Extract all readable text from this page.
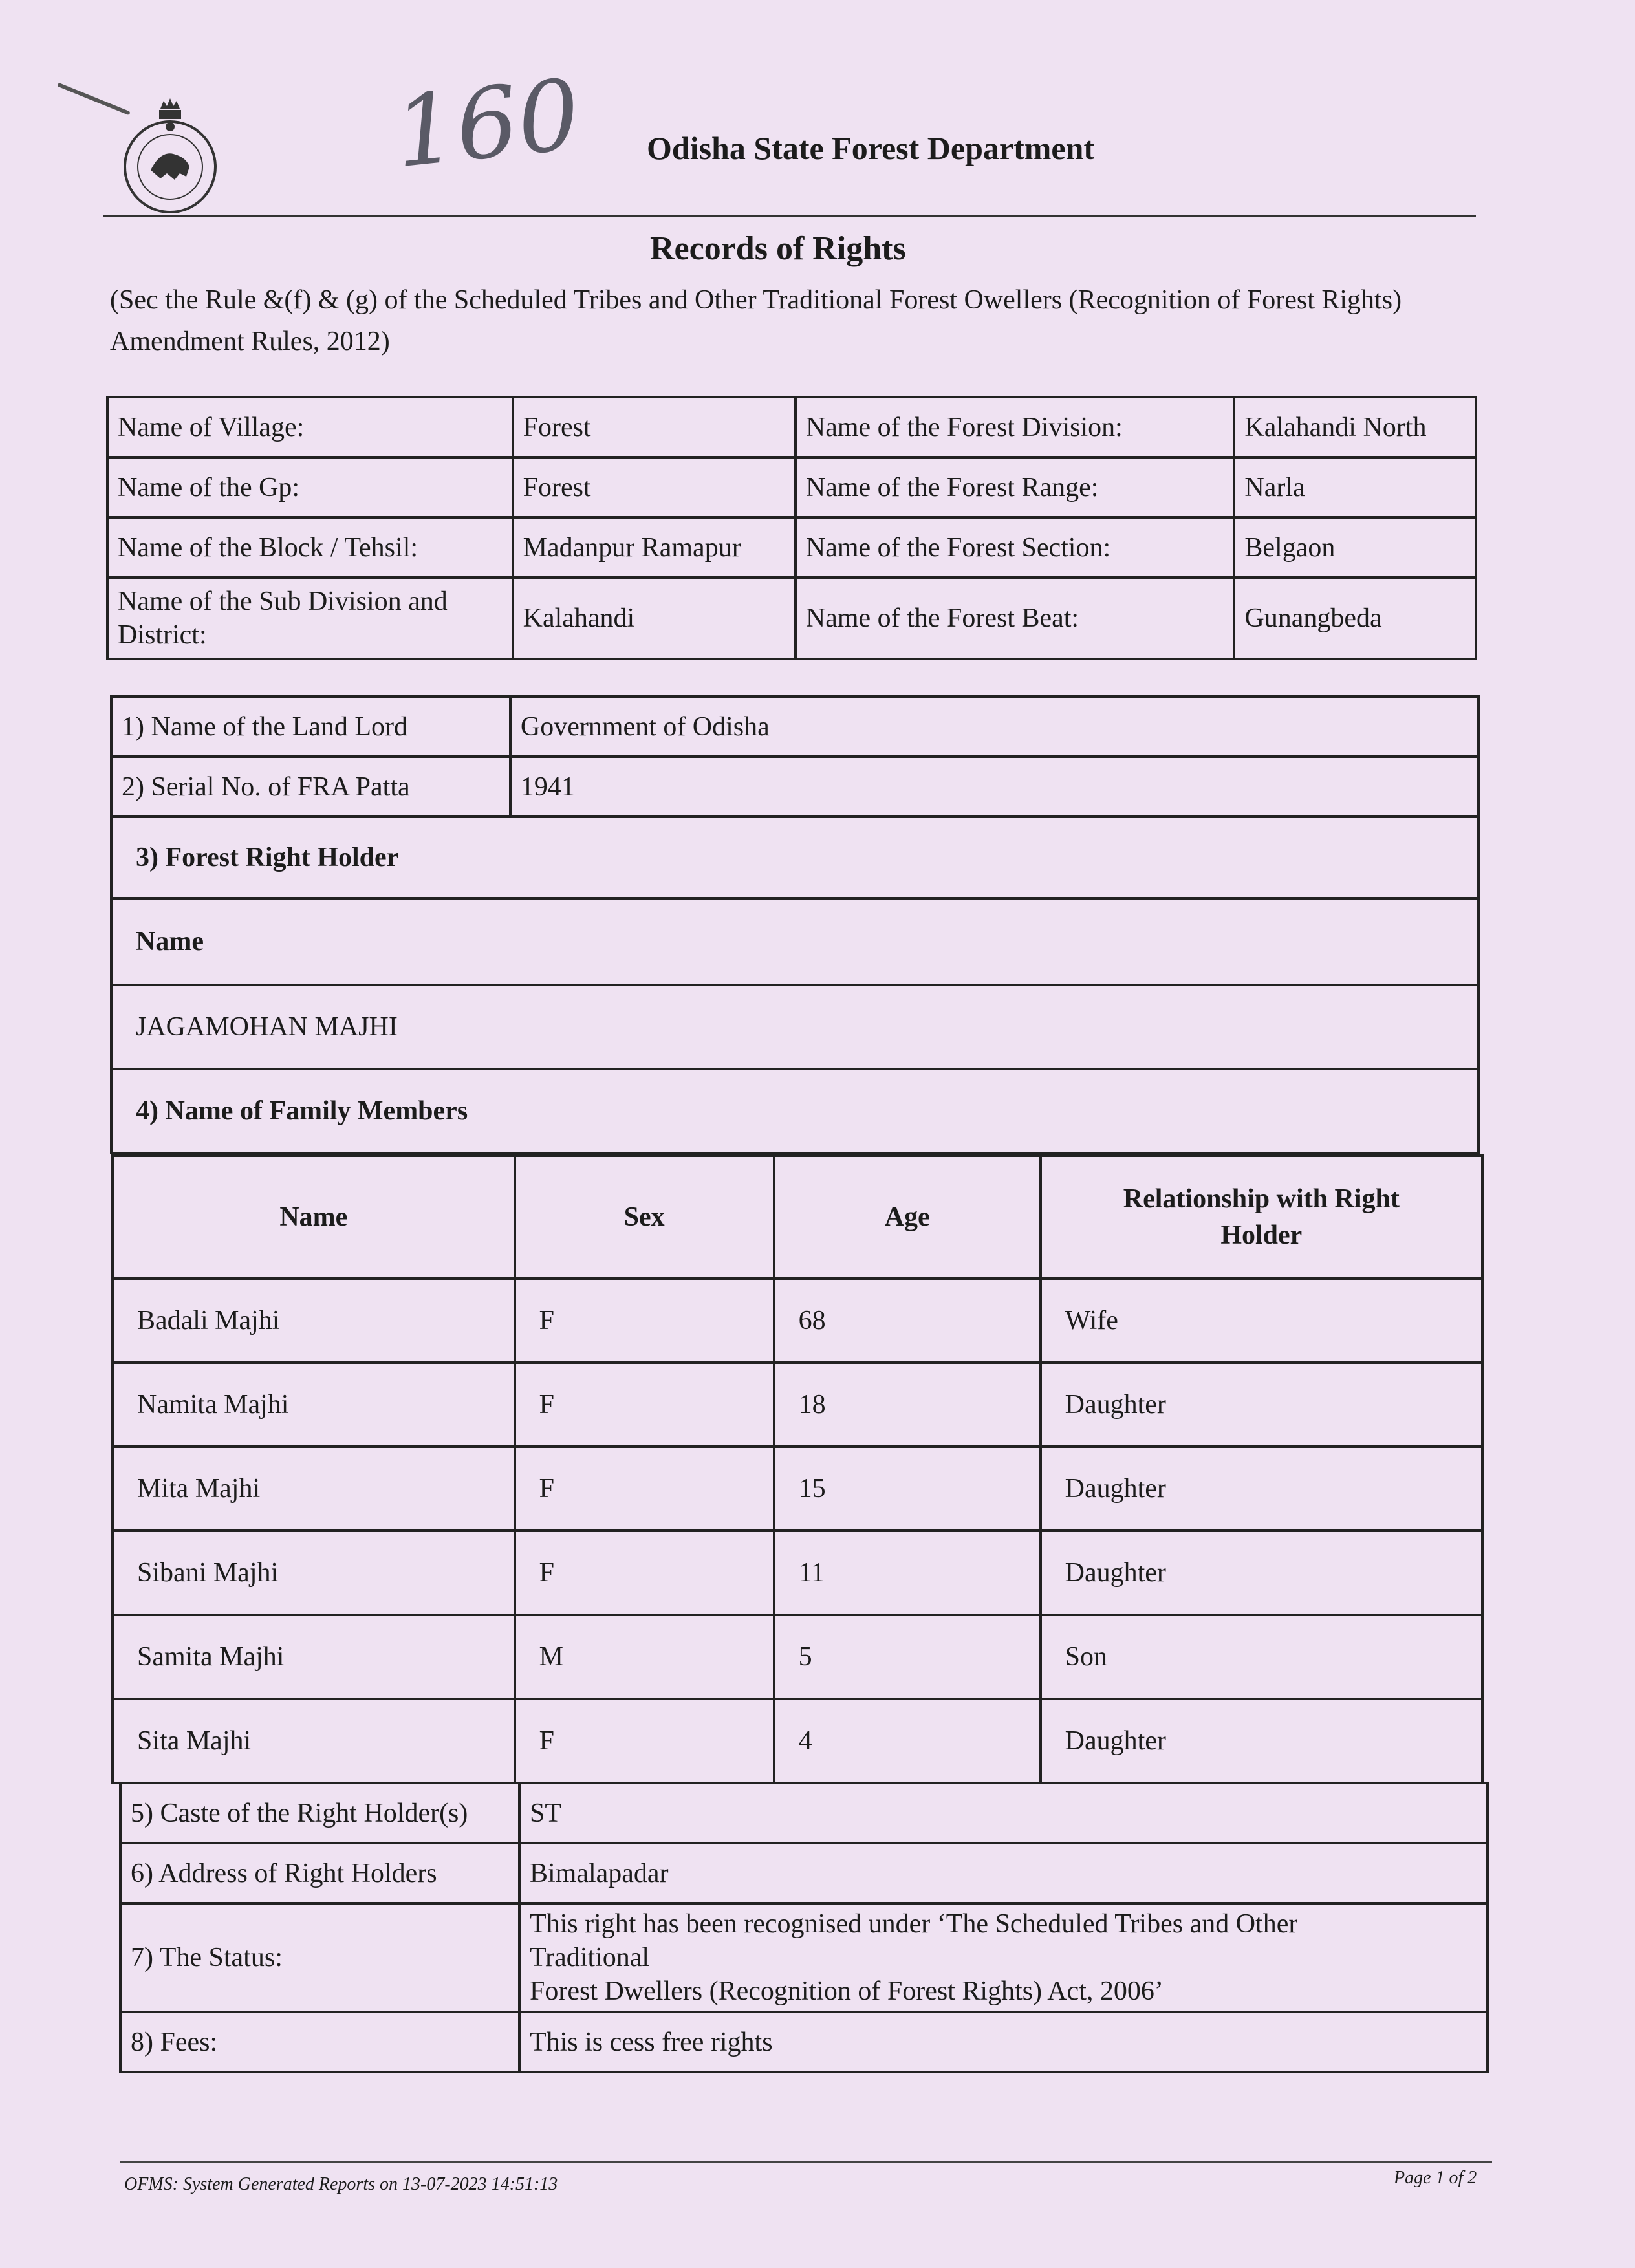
160 Odisha State Forest Department
Records of Rights
(Sec the Rule &(f) & (g) of the Scheduled Tribes and Other Traditional Forest Owellers (Recognition of Forest Rights) Amendment Rules, 2012)
Name of Village:	Forest	Name of the Forest Division:	Kalahandi North
Name of the Gp:	Forest	Name of the Forest Range:	Narla
Name of the Block / Tehsil:	Madanpur Ramapur	Name of the Forest Section:	Belgaon
Name of the Sub Division and District:	Kalahandi	Name of the Forest Beat:	Gunangbeda
1) Name of the Land Lord	Government of Odisha
2) Serial No. of FRA Patta	1941
3) Forest Right Holder	
Name	
JAGAMOHAN MAJHI	
4) Name of Family Members	
Name	Sex	Age	Relationship with Right Holder
Badali Majhi	F	68	Wife
Namita Majhi	F	18	Daughter
Mita Majhi	F	15	Daughter
Sibani Majhi	F	11	Daughter
Samita Majhi	M	5	Son
Sita Majhi	F	4	Daughter
5) Caste of the Right Holder(s)	ST
6) Address of Right Holders	Bimalapadar
7) The Status:	This right has been recognised under ‘The Scheduled Tribes and Other
Traditional
Forest Dwellers (Recognition of Forest Rights) Act, 2006’

8) Fees:	This is cess free rights
OFMS: System Generated Reports on 13-07-2023 14:51:13	Page 1 of 2
